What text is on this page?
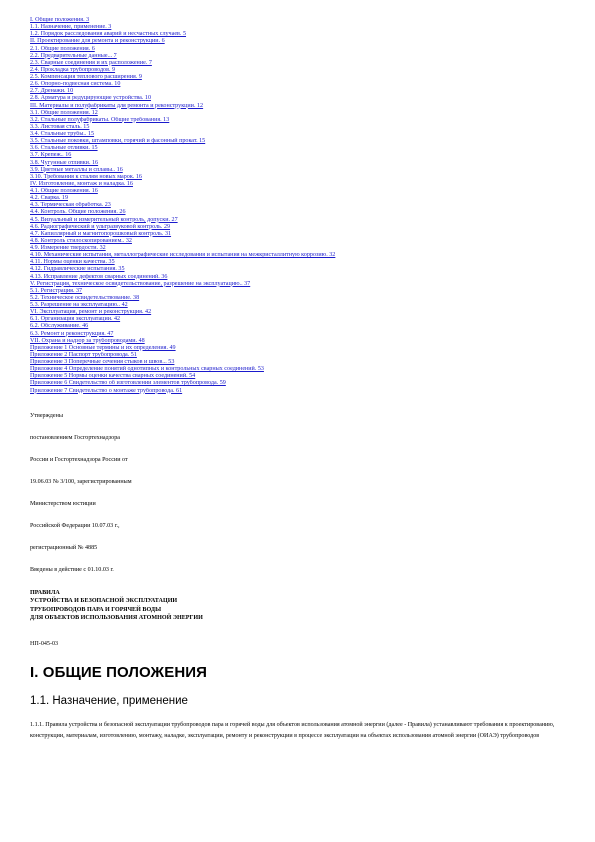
I. Общие положения. 3
1.1. Назначение, применение. 3
1.2. Порядок расследования аварий и несчастных случаев. 5
II. Проектирование для ремонта и реконструкции. 6
2.1. Общие положения. 6
2.2. Предварительные данные... 7
2.3. Сварные соединения и их расположение. 7
2.4. Прокладка трубопроводов. 9
2.5. Компенсация теплового расширения. 9
2.6. Опорно-подвесная система. 10
2.7. Дренажи. 10
2.8. Арматура и редуцирующие устройства. 10
III. Материалы и полуфабрикаты для ремонта и реконструкции. 12
3.1. Общие положения. 12
3.2. Стальные полуфабрикаты. Общие требования. 13
3.3. Листовая сталь. 15
3.4. Стальные трубы.. 15
3.5. Стальные поковки, штамповки, горячий и фасонный прокат. 15
3.6. Стальные отливки. 15
3.7. Крепеж.. 16
3.8. Чугунные отливки. 16
3.9. Цветные металлы и сплавы.. 16
3.10. Требования к сталям новых марок. 16
IV. Изготовление, монтаж и наладка. 16
4.1. Общие положения. 16
4.2. Сварка. 19
4.3. Термическая обработка. 23
4.4. Контроль. Общие положения. 26
4.5. Визуальный и измерительный контроль, допуски. 27
4.6. Радиографический и ультразвуковой контроль. 29
4.7. Капиллярный и магнитопорошковый контроль. 31
4.8. Контроль стилоскопированием.. 32
4.9. Измерение твердости. 32
4.10. Механические испытания, металлографические исследования и испытания на межкристаллитную коррозию. 32
4.11. Нормы оценки качества. 35
4.12. Гидравлические испытания. 35
4.13. Исправление дефектов сварных соединений. 36
V. Регистрация, техническое освидетельствование, разрешение на эксплуатацию.. 37
5.1. Регистрация. 37
5.2. Техническое освидетельствование. 38
5.3. Разрешение на эксплуатацию.. 42
VI. Эксплуатация, ремонт и реконструкция. 42
6.1. Организация эксплуатации. 42
6.2. Обслуживание. 46
6.3. Ремонт и реконструкция. 47
VII. Охрана и надзор за трубопроводами. 48
Приложение 1 Основные термины и их определения. 49
Приложение 2 Паспорт трубопровода. 51
Приложение 3 Поперечные сечения стыков и швов... 53
Приложение 4 Определение понятий однотипных и контрольных сварных соединений. 53
Приложение 5 Нормы оценки качества сварных соединений. 54
Приложение 6 Свидетельство об изготовлении элементов трубопровода. 59
Приложение 7 Свидетельство о монтаже трубопровода. 61

Утверждены

постановлением Госгортехнадзора

России и Госгортехнадзора России от

19.06.03 № 3/100, зарегистрированным

Министерством юстиции

Российской Федерации 10.07.03 г.,

регистрационный № 4885

Введены в действие с 01.10.03 г.

ПРАВИЛА
УСТРОЙСТВА И БЕЗОПАСНОЙ ЭКСПЛУАТАЦИИ
ТРУБОПРОВОДОВ ПАРА И ГОРЯЧЕЙ ВОДЫ
ДЛЯ ОБЪЕКТОВ ИСПОЛЬЗОВАНИЯ АТОМНОЙ ЭНЕРГИИ
НП-045-03
I. ОБЩИЕ ПОЛОЖЕНИЯ
1.1. Назначение, применение
1.1.1. Правила устройства и безопасной эксплуатации трубопроводов пара и горячей воды для объектов использования атомной энергии (далее - Правила) устанавливают требования к проектированию, конструкции, материалам, изготовлению, монтажу, наладке, эксплуатации, ремонту и реконструкции в процессе эксплуатации на объектах использования атомной энергии (ОИАЭ) трубопроводов
